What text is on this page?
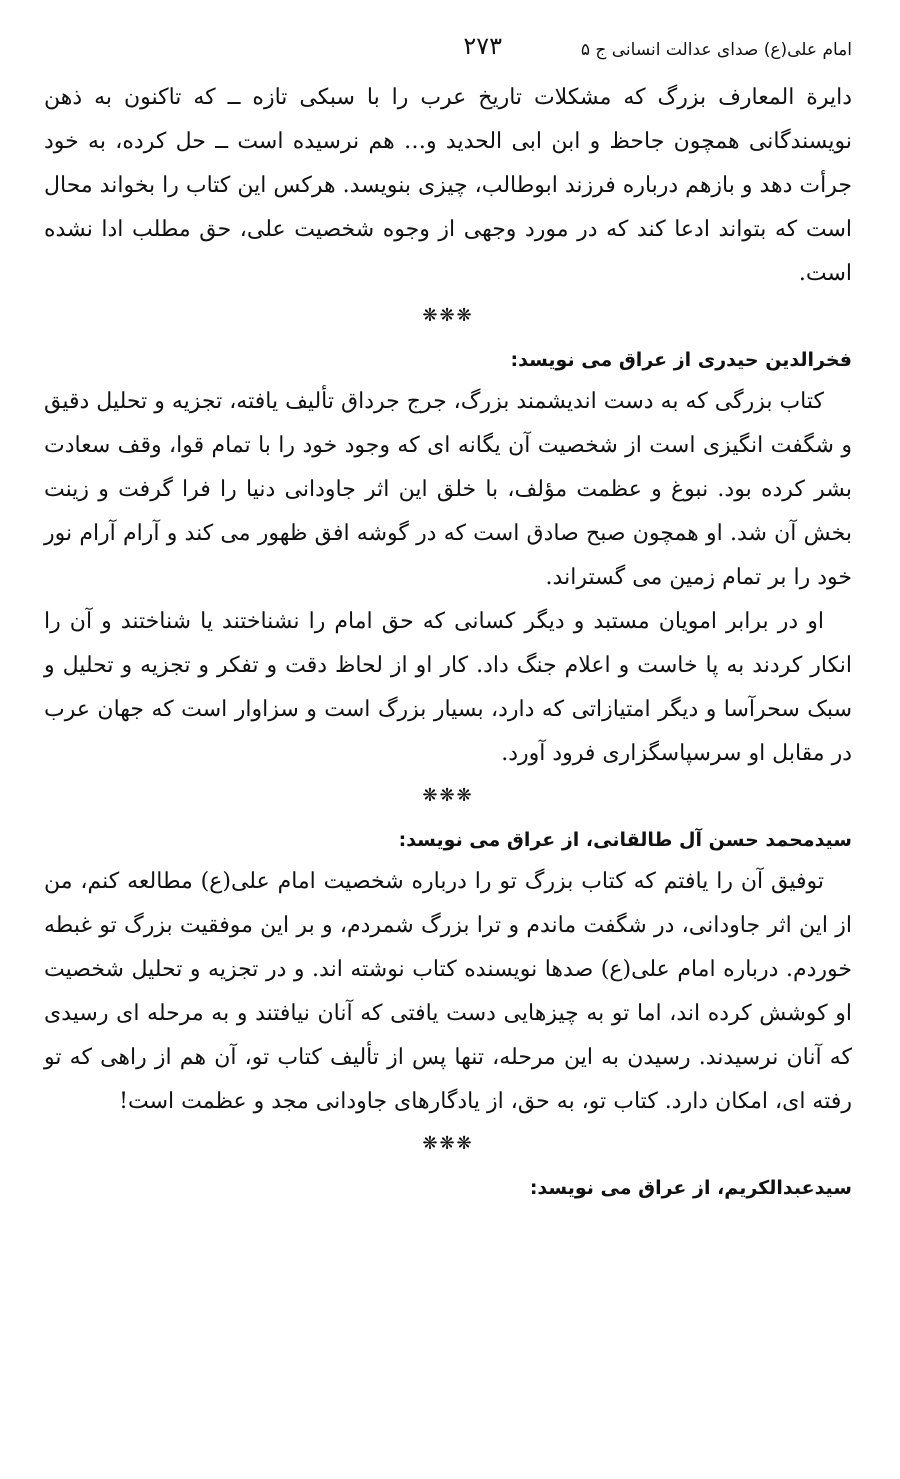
امام علی(ع) صدای عدالت انسانی ج ۵
۲۷۳

دایرة المعارف بزرگ که مشکلات تاریخ عرب را با سبکی تازه ــ که تاکنون به ذهن نویسندگانی همچون جاحظ و ابن ابی الحدید و… هم نرسیده است ــ حل کرده، به خود جرأت دهد و بازهم درباره فرزند ابوطالب، چیزی بنویسد. هرکس این کتاب را بخواند محال است که بتواند ادعا کند که در مورد وجهی از وجوه شخصیت علی، حق مطلب ادا نشده است.

❋❋❋
فخرالدین حیدری از عراق می نویسد:

کتاب بزرگی که به دست اندیشمند بزرگ، جرج جرداق تألیف یافته، تجزیه و تحلیل دقیق و شگفت انگیزی است از شخصیت آن یگانه ای که وجود خود را با تمام قوا، وقف سعادت بشر کرده بود. نبوغ و عظمت مؤلف، با خلق این اثر جاودانی دنیا را فرا گرفت و زینت بخش آن شد. او همچون صبح صادق است که در گوشه افق ظهور می کند و آرام آرام نور خود را بر تمام زمین می گستراند.

او در برابر امویان مستبد و دیگر کسانی که حق امام را نشناختند یا شناختند و آن را انکار کردند به پا خاست و اعلام جنگ داد. کار او از لحاظ دقت و تفکر و تجزیه و تحلیل و سبک سحرآسا و دیگر امتیازاتی که دارد، بسیار بزرگ است و سزاوار است که جهان عرب در مقابل او سرسپاسگزاری فرود آورد.

❋❋❋
سیدمحمد حسن آل طالقانی، از عراق می نویسد:

توفیق آن را یافتم که کتاب بزرگ تو را درباره شخصیت امام علی(ع) مطالعه کنم، من از این اثر جاودانی، در شگفت ماندم و ترا بزرگ شمردم، و بر این موفقیت بزرگ تو غبطه خوردم. درباره امام علی(ع) صدها نویسنده کتاب نوشته اند. و در تجزیه و تحلیل شخصیت او کوشش کرده اند، اما تو به چیزهایی دست یافتی که آنان نیافتند و به مرحله ای رسیدی که آنان نرسیدند. رسیدن به این مرحله، تنها پس از تألیف کتاب تو، آن هم از راهی که تو رفته ای، امکان دارد. کتاب تو، به حق، از یادگارهای جاودانی مجد و عظمت است!

❋❋❋
سیدعبدالکریم، از عراق می نویسد:
